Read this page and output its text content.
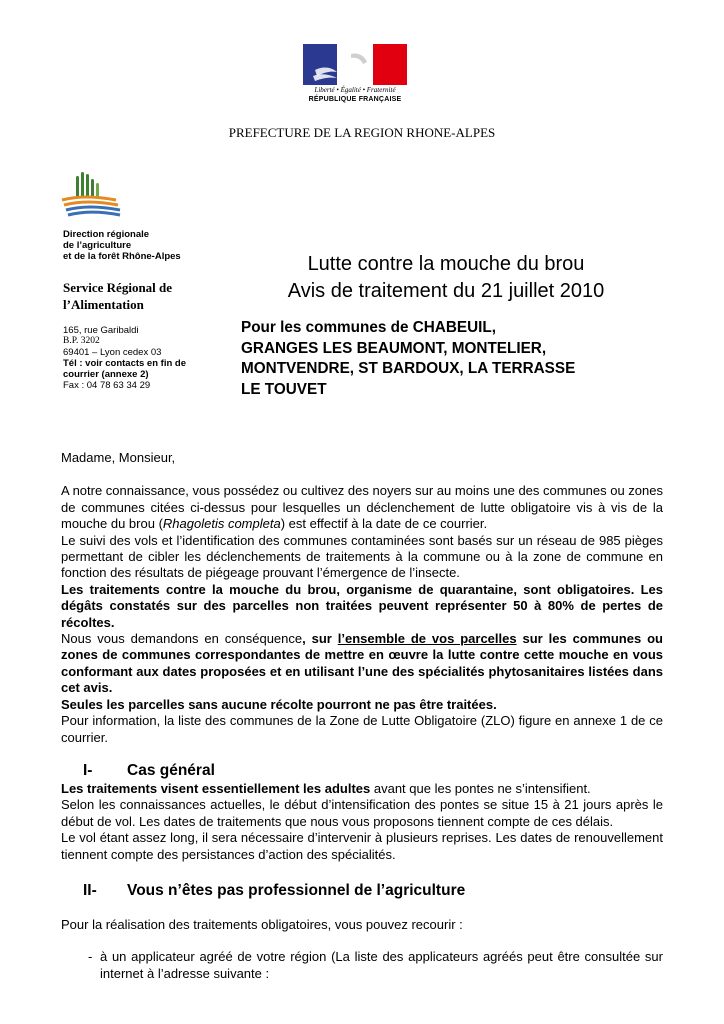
Liberté • Égalité • Fraternité
RÉPUBLIQUE FRANÇAISE
PREFECTURE DE LA REGION RHONE-ALPES
Direction régionale
de l’agriculture
et de la forêt Rhône-Alpes
Service Régional de
l’Alimentation
165, rue Garibaldi
B.P. 3202
69401 – Lyon cedex 03
Tél : voir contacts en fin de courrier (annexe 2)
Fax : 04 78 63 34 29
Lutte contre la mouche du brou
Avis de traitement du 21 juillet 2010
Pour les communes de CHABEUIL,
GRANGES LES BEAUMONT, MONTELIER,
MONTVENDRE, ST BARDOUX, LA TERRASSE
LE TOUVET

Madame, Monsieur,

A notre connaissance, vous possédez ou cultivez des noyers sur au moins une des communes ou zones de communes citées ci-dessus pour lesquelles un déclenchement de lutte obligatoire vis à vis de la mouche du brou (Rhagoletis completa) est effectif à la date de ce courrier.

Le suivi des vols et l’identification des communes contaminées sont basés sur un réseau de 985 pièges permettant de cibler les déclenchements de traitements à la commune ou à la zone de commune en fonction des résultats de piégeage prouvant l’émergence de l’insecte.

Les traitements contre la mouche du brou, organisme de quarantaine, sont obligatoires. Les dégâts constatés sur des parcelles non traitées peuvent représenter 50 à 80% de pertes de récoltes.

Nous vous demandons en conséquence, sur l’ensemble de vos parcelles sur les communes ou zones de communes correspondantes de mettre en œuvre la lutte contre cette mouche en vous conformant aux dates proposées et en utilisant l’une des spécialités phytosanitaires listées dans cet avis.

Seules les parcelles sans aucune récolte pourront ne pas être traitées.

Pour information, la liste des communes de la Zone de Lutte Obligatoire (ZLO) figure en annexe 1 de ce courrier.

I-	Cas général

Les traitements visent essentiellement les adultes avant que les pontes ne s’intensifient.

Selon les connaissances actuelles, le début d’intensification des pontes se situe 15 à 21 jours après le début de vol. Les dates de traitements que nous vous proposons tiennent compte de ces délais.

Le vol étant assez long, il sera nécessaire d’intervenir à plusieurs reprises. Les dates de renouvellement tiennent compte des persistances d’action des spécialités.

II-	Vous n’êtes pas professionnel de l’agriculture

Pour la réalisation des traitements obligatoires, vous pouvez recourir :

- à un applicateur agréé de votre région (La liste des applicateurs agréés peut être consultée sur internet à l’adresse suivante :
